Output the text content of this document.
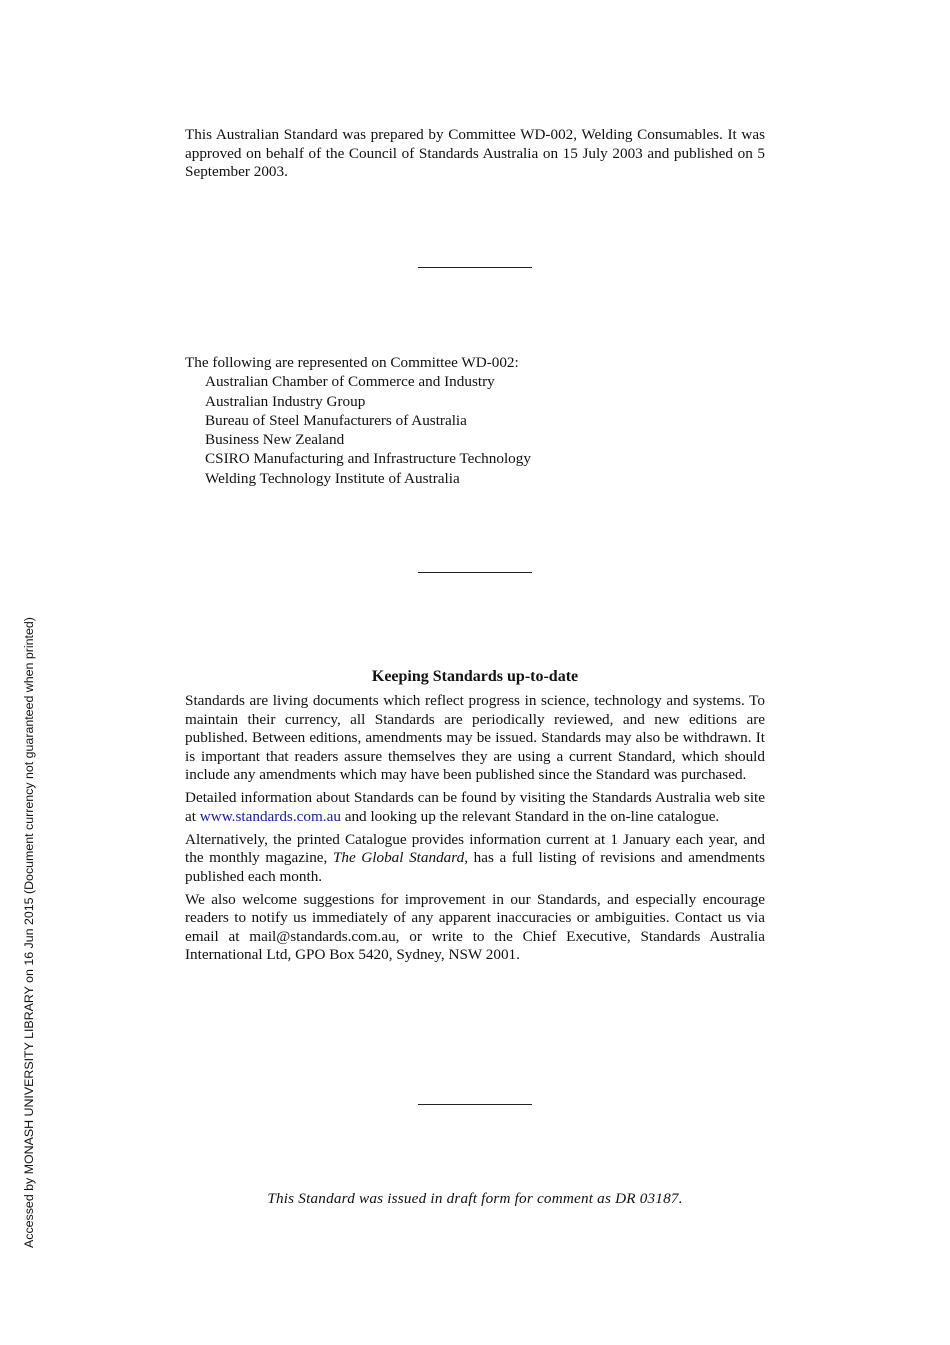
This Australian Standard was prepared by Committee WD-002, Welding Consumables. It was approved on behalf of the Council of Standards Australia on 15 July 2003 and published on 5 September 2003.
The following are represented on Committee WD-002:
Australian Chamber of Commerce and Industry
Australian Industry Group
Bureau of Steel Manufacturers of Australia
Business New Zealand
CSIRO Manufacturing and Infrastructure Technology
Welding Technology Institute of Australia
Keeping Standards up-to-date

Standards are living documents which reflect progress in science, technology and systems. To maintain their currency, all Standards are periodically reviewed, and new editions are published. Between editions, amendments may be issued. Standards may also be withdrawn. It is important that readers assure themselves they are using a current Standard, which should include any amendments which may have been published since the Standard was purchased.

Detailed information about Standards can be found by visiting the Standards Australia web site at www.standards.com.au and looking up the relevant Standard in the on-line catalogue.

Alternatively, the printed Catalogue provides information current at 1 January each year, and the monthly magazine, The Global Standard, has a full listing of revisions and amendments published each month.

We also welcome suggestions for improvement in our Standards, and especially encourage readers to notify us immediately of any apparent inaccuracies or ambiguities. Contact us via email at mail@standards.com.au, or write to the Chief Executive, Standards Australia International Ltd, GPO Box 5420, Sydney, NSW 2001.

This Standard was issued in draft form for comment as DR 03187.
Accessed by MONASH UNIVERSITY LIBRARY on 16 Jun 2015 (Document currency not guaranteed when printed)
